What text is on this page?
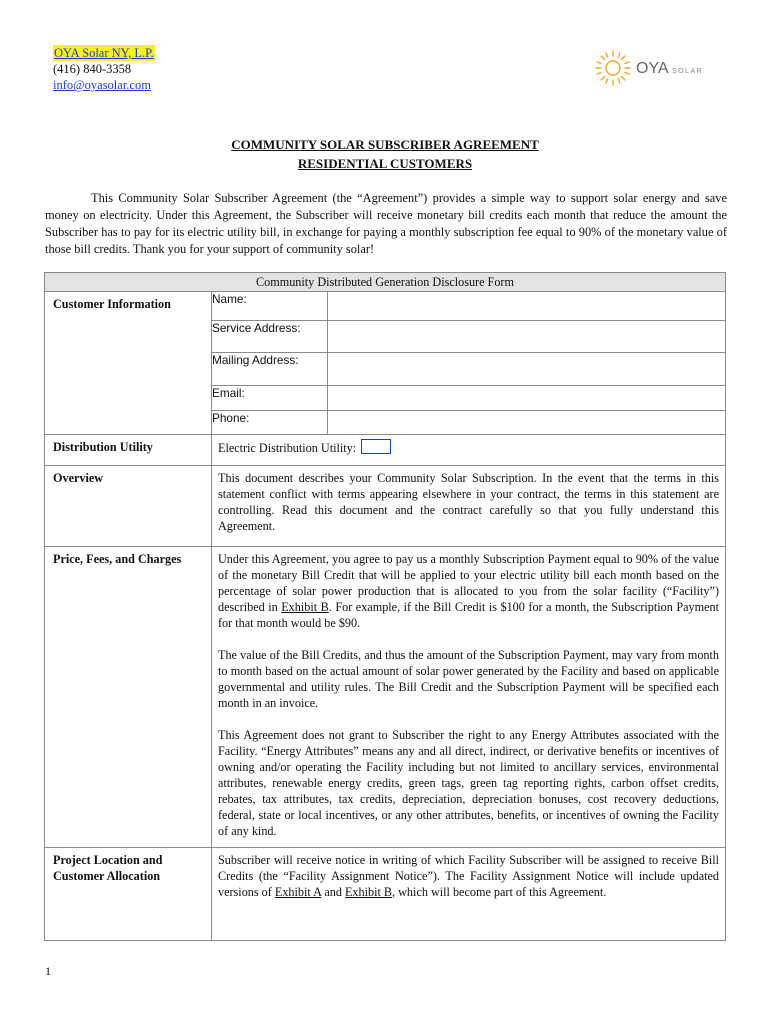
OYA Solar NY, L.P.
(416) 840-3358
info@oyasolar.com
OYA SOLAR
COMMUNITY SOLAR SUBSCRIBER AGREEMENT
RESIDENTIAL CUSTOMERS
This Community Solar Subscriber Agreement (the “Agreement”) provides a simple way to support solar energy and save money on electricity. Under this Agreement, the Subscriber will receive monetary bill credits each month that reduce the amount the Subscriber has to pay for its electric utility bill, in exchange for paying a monthly subscription fee equal to 90% of the monetary value of those bill credits. Thank you for your support of community solar!
Community Distributed Generation Disclosure Form
Customer Information		Name:	
Service Address:	
Mailing Address:	
Email:	
Phone:	

Distribution Utility	Electric Distribution Utility:
Overview	This document describes your Community Solar Subscription. In the event that the terms in this statement conflict with terms appearing elsewhere in your contract, the terms in this statement are controlling. Read this document and the contract carefully so that you fully understand this Agreement.
Price, Fees, and Charges	Under this Agreement, you agree to pay us a monthly Subscription Payment equal to 90% of the value of the monetary Bill Credit that will be applied to your electric utility bill each month based on the percentage of solar power production that is allocated to you from the solar facility (“Facility”) described in Exhibit B. For example, if the Bill Credit is $100 for a month, the Subscription Payment for that month would be $90.

The value of the Bill Credits, and thus the amount of the Subscription Payment, may vary from month to month based on the actual amount of solar power generated by the Facility and based on applicable governmental and utility rules. The Bill Credit and the Subscription Payment will be specified each month in an invoice.

This Agreement does not grant to Subscriber the right to any Energy Attributes associated with the Facility. “Energy Attributes” means any and all direct, indirect, or derivative benefits or incentives of owning and/or operating the Facility including but not limited to ancillary services, environmental attributes, renewable energy credits, green tags, green tag reporting rights, carbon offset credits, rebates, tax attributes, tax credits, depreciation, depreciation bonuses, cost recovery deductions, federal, state or local incentives, or any other attributes, benefits, or incentives of owning the Facility of any kind.

Project Location and Customer Allocation	Subscriber will receive notice in writing of which Facility Subscriber will be assigned to receive Bill Credits (the “Facility Assignment Notice”). The Facility Assignment Notice will include updated versions of Exhibit A and Exhibit B, which will become part of this Agreement.
1
